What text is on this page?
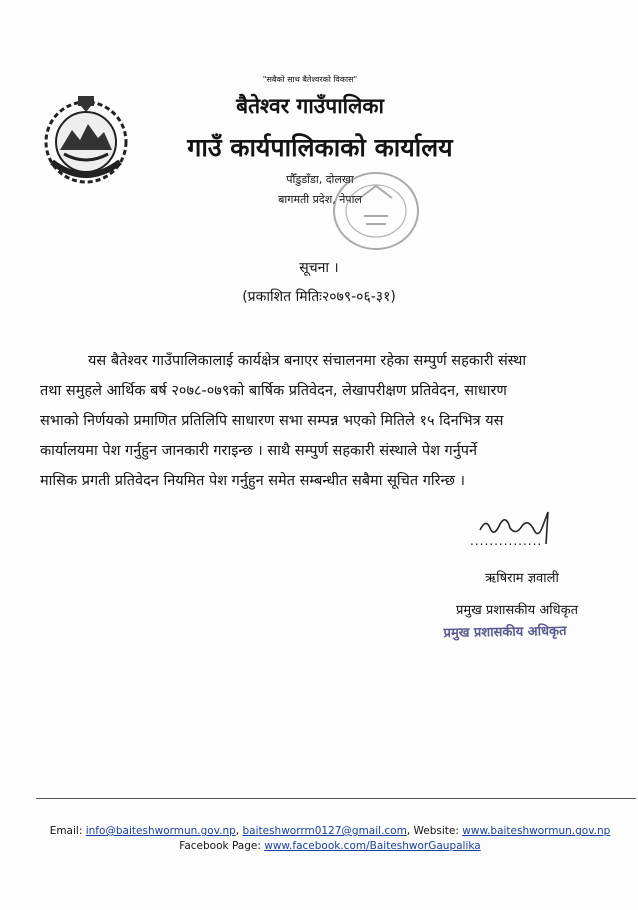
"सबैको साथ बैतेश्वरको विकास"
बैतेश्वर गाउँपालिका
गाउँ कार्यपालिकाको कार्यालय
पौँडुडाँडा, दोलखा
बागमती प्रदेश, नेपाल
सूचना ।
(प्रकाशित मितिः२०७९-०६-३१)
यस बैतेश्वर गाउँपालिकालाई कार्यक्षेत्र बनाएर संचालनमा रहेका सम्पुर्ण सहकारी संस्था
तथा समुहले आर्थिक बर्ष २०७८-०७९को बार्षिक प्रतिवेदन, लेखापरीक्षण प्रतिवेदन, साधारण
सभाको निर्णयको प्रमाणित प्रतिलिपि साधारण सभा सम्पन्न भएको मितिले १५ दिनभित्र यस
कार्यालयमा पेश गर्नुहुन जानकारी गराइन्छ । साथै सम्पुर्ण सहकारी संस्थाले पेश गर्नुपर्ने
मासिक प्रगती प्रतिवेदन नियमित पेश गर्नुहुन समेत सम्बन्धीत सबैमा सूचित गरिन्छ ।
...............
ऋषिराम ज्ञवाली
प्रमुख प्रशासकीय अधिकृत
प्रमुख प्रशासकीय अधिकृत
Email: info@baiteshwormun.gov.np, baiteshworrm0127@gmail.com, Website: www.baiteshwormun.gov.np
Facebook Page: www.facebook.com/BaiteshworGaupalika
